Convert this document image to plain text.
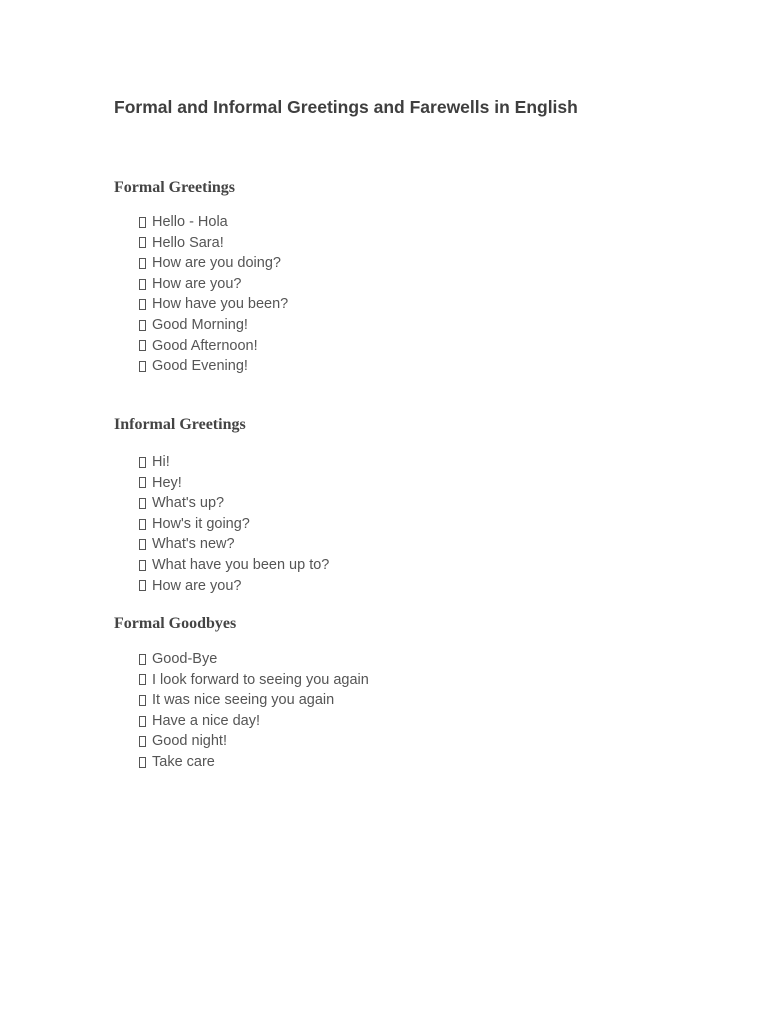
Formal and Informal Greetings and Farewells in English
Formal Greetings
Hello - Hola
Hello Sara!
How are you doing?
How are you?
How have you been?
Good Morning!
Good Afternoon!
Good Evening!
Informal Greetings
Hi!
Hey!
What's up?
How's it going?
What's new?
What have you been up to?
How are you?
Formal Goodbyes
Good-Bye
I look forward to seeing you again
It was nice seeing you again
Have a nice day!
Good night!
Take care
